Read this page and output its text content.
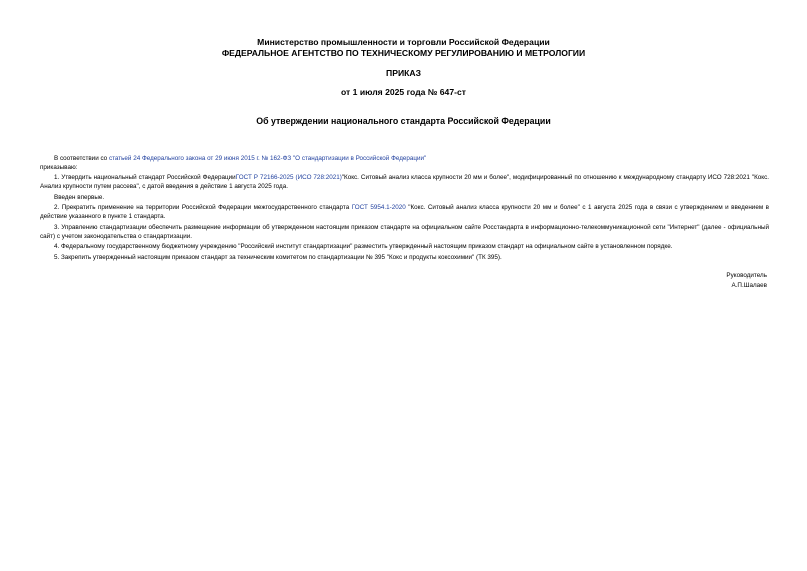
Министерство промышленности и торговли Российской Федерации
ФЕДЕРАЛЬНОЕ АГЕНТСТВО ПО ТЕХНИЧЕСКОМУ РЕГУЛИРОВАНИЮ И МЕТРОЛОГИИ
ПРИКАЗ
от 1 июля 2025 года № 647-ст
Об утверждении национального стандарта Российской Федерации

В соответствии со статьей 24 Федерального закона от 29 июня 2015 г. № 162-ФЗ "О стандартизации в Российской Федерации"

приказываю:

1. Утвердить национальный стандарт Российской ФедерацииГОСТ Р 72166-2025 (ИСО 728:2021)"Кокс. Ситовый анализ класса крупности 20 мм и более", модифицированный по отношению к международному стандарту ИСО 728:2021 "Кокс. Анализ крупности путем рассева", с датой введения в действие 1 августа 2025 года.

Введен впервые.

2. Прекратить применение на территории Российской Федерации межгосударственного стандарта ГОСТ 5954.1-2020 "Кокс. Ситовый анализ класса крупности 20 мм и более" с 1 августа 2025 года в связи с утверждением и введением в действие указанного в пункте 1 стандарта.

3. Управлению стандартизации обеспечить размещение информации об утвержденном настоящим приказом стандарте на официальном сайте Росстандарта в информационно-телекоммуникационной сети "Интернет" (далее - официальный сайт) с учетом законодательства о стандартизации.

4. Федеральному государственному бюджетному учреждению "Российский институт стандартизации" разместить утвержденный настоящим приказом стандарт на официальном сайте в установленном порядке.

5. Закрепить утвержденный настоящим приказом стандарт за техническим комитетом по стандартизации № 395 "Кокс и продукты коксохимии" (ТК 395).

Руководитель
А.П.Шалаев
